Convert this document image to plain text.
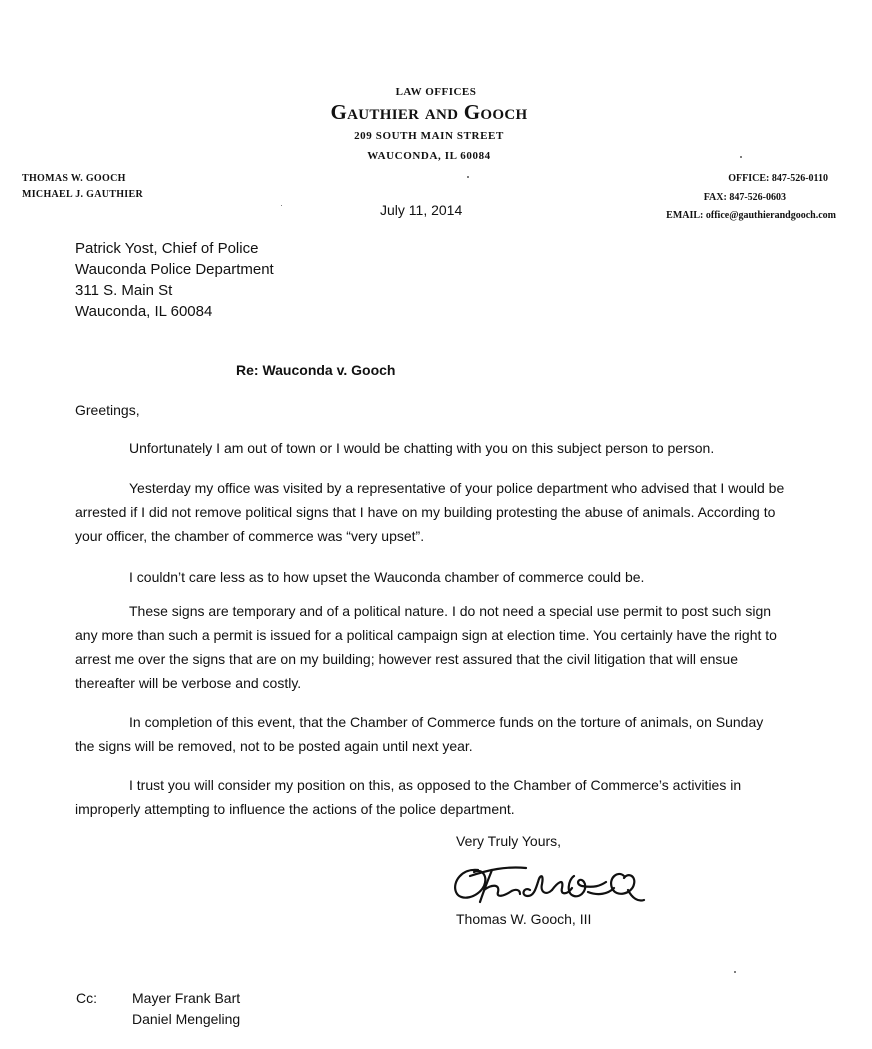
LAW OFFICES
Gauthier and Gooch
209 SOUTH MAIN STREET
WAUCONDA, IL 60084
THOMAS W. GOOCH
MICHAEL J. GAUTHIER
OFFICE: 847-526-0110
FAX: 847-526-0603
EMAIL: office@gauthierandgooch.com
July 11, 2014
Patrick Yost, Chief of Police
Wauconda Police Department
311 S. Main St
Wauconda, IL 60084
Re: Wauconda v. Gooch
Greetings,
Unfortunately I am out of town or I would be chatting with you on this subject person to person.
Yesterday my office was visited by a representative of your police department who advised that I would be arrested if I did not remove political signs that I have on my building protesting the abuse of animals. According to your officer, the chamber of commerce was “very upset”.
I couldn’t care less as to how upset the Wauconda chamber of commerce could be.
These signs are temporary and of a political nature. I do not need a special use permit to post such sign any more than such a permit is issued for a political campaign sign at election time. You certainly have the right to arrest me over the signs that are on my building; however rest assured that the civil litigation that will ensue thereafter will be verbose and costly.
In completion of this event, that the Chamber of Commerce funds on the torture of animals, on Sunday the signs will be removed, not to be posted again until next year.
I trust you will consider my position on this, as opposed to the Chamber of Commerce’s activities in improperly attempting to influence the actions of the police department.
Very Truly Yours,
Thomas W. Gooch, III
Cc:	Mayer Frank Bart
Daniel Mengeling
